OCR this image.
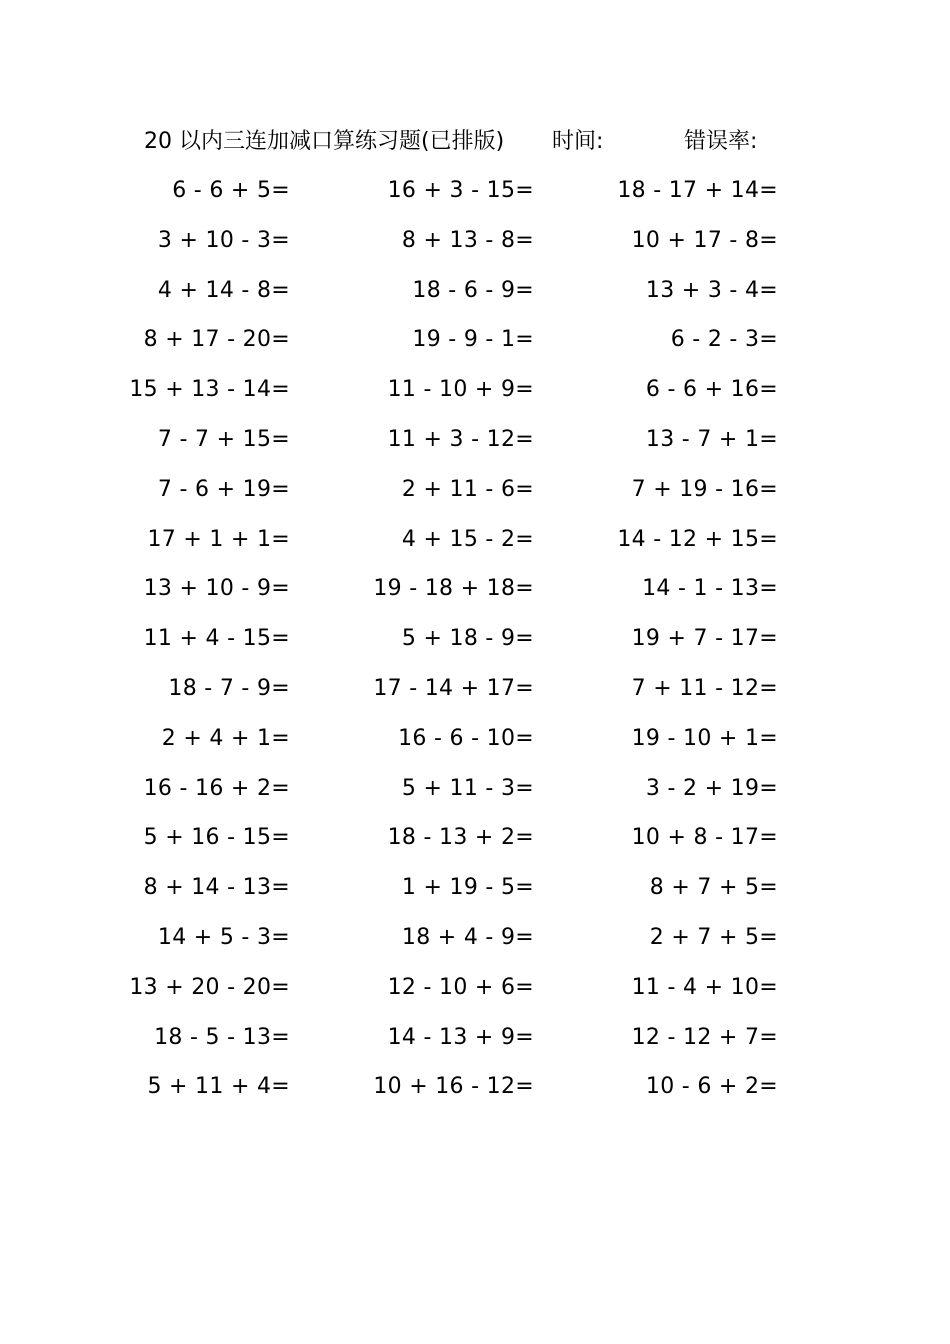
20 以内三连加减口算练习题(已排版) 时间:	错误率:
6 - 6 + 5=	16 + 3 - 15=	18 - 17 + 14=
3 + 10 - 3=	8 + 13 - 8=	10 + 17 - 8=
4 + 14 - 8=	18 - 6 - 9=	13 + 3 - 4=
8 + 17 - 20=	19 - 9 - 1=	6 - 2 - 3=
15 + 13 - 14=	11 - 10 + 9=	6 - 6 + 16=
7 - 7 + 15=	11 + 3 - 12=	13 - 7 + 1=
7 - 6 + 19=	2 + 11 - 6=	7 + 19 - 16=
17 + 1 + 1=	4 + 15 - 2=	14 - 12 + 15=
13 + 10 - 9=	19 - 18 + 18=	14 - 1 - 13=
11 + 4 - 15=	5 + 18 - 9=	19 + 7 - 17=
18 - 7 - 9=	17 - 14 + 17=	7 + 11 - 12=
2 + 4 + 1=	16 - 6 - 10=	19 - 10 + 1=
16 - 16 + 2=	5 + 11 - 3=	3 - 2 + 19=
5 + 16 - 15=	18 - 13 + 2=	10 + 8 - 17=
8 + 14 - 13=	1 + 19 - 5=	8 + 7 + 5=
14 + 5 - 3=	18 + 4 - 9=	2 + 7 + 5=
13 + 20 - 20=	12 - 10 + 6=	11 - 4 + 10=
18 - 5 - 13=	14 - 13 + 9=	12 - 12 + 7=
5 + 11 + 4=	10 + 16 - 12=	10 - 6 + 2=
